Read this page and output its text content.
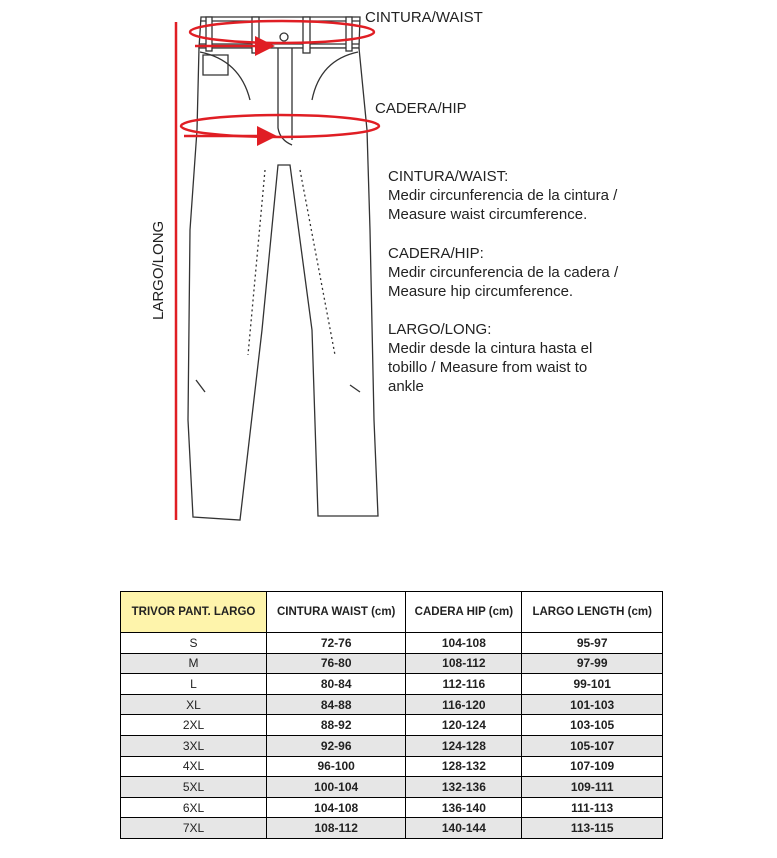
CINTURA/WAIST
CADERA/HIP
LARGO/LONG
CINTURA/WAIST:
Medir circunferencia de la cintura /
Measure waist circumference.
CADERA/HIP:
Medir circunferencia de la cadera /
Measure hip circumference.
LARGO/LONG:
Medir desde la cintura hasta el
tobillo / Measure from waist to
ankle
TRIVOR PANT. LARGO	CINTURA WAIST (cm)	CADERA HIP (cm)	LARGO LENGTH (cm)
S	72-76	104-108	95-97
M	76-80	108-112	97-99
L	80-84	112-116	99-101
XL	84-88	116-120	101-103
2XL	88-92	120-124	103-105
3XL	92-96	124-128	105-107
4XL	96-100	128-132	107-109
5XL	100-104	132-136	109-111
6XL	104-108	136-140	111-113
7XL	108-112	140-144	113-115
